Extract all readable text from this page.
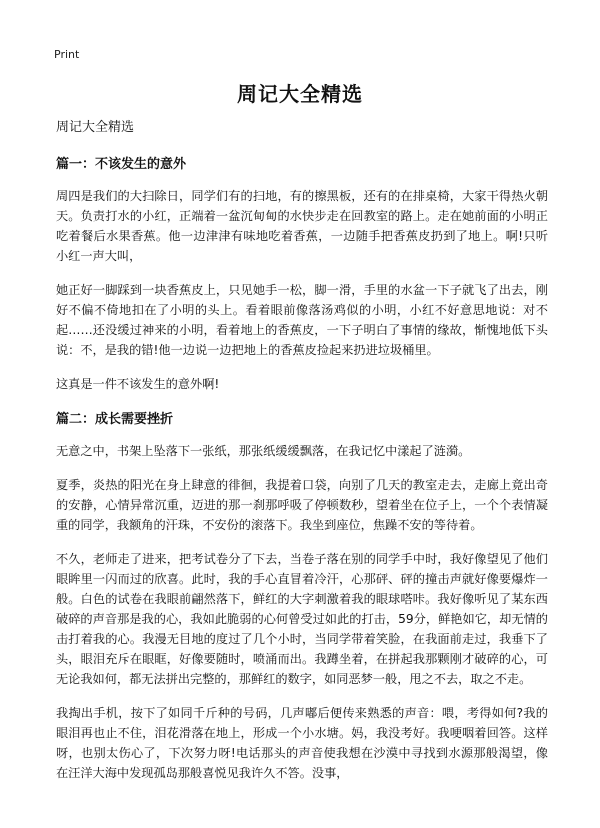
Print
周记大全精选

周记大全精选

篇一：不该发生的意外

周四是我们的大扫除日，同学们有的扫地，有的擦黑板，还有的在排桌椅，大家干得热火朝天。负责打水的小红，正端着一盆沉甸甸的水快步走在回教室的路上。走在她前面的小明正吃着餐后水果香蕉。他一边津津有味地吃着香蕉，一边随手把香蕉皮扔到了地上。啊!只听小红一声大叫，

她正好一脚踩到一块香蕉皮上，只见她手一松，脚一滑，手里的水盆一下子就飞了出去，刚好不偏不倚地扣在了小明的头上。看着眼前像落汤鸡似的小明，小红不好意思地说：对不起……还没缓过神来的小明，看着地上的香蕉皮，一下子明白了事情的缘故，惭愧地低下头说：不，是我的错!他一边说一边把地上的香蕉皮捡起来扔进垃圾桶里。

这真是一件不该发生的意外啊!

篇二：成长需要挫折

无意之中，书架上坠落下一张纸，那张纸缓缓飘落，在我记忆中漾起了涟漪。

夏季，炎热的阳光在身上肆意的徘徊，我提着口袋，向别了几天的教室走去，走廊上竟出奇的安静，心情异常沉重，迈进的那一刹那呼吸了停顿数秒，望着坐在位子上，一个个表情凝重的同学，我额角的汗珠，不安份的滚落下。我坐到座位，焦躁不安的等待着。

不久，老师走了进来，把考试卷分了下去，当卷子落在别的同学手中时，我好像望见了他们眼眸里一闪而过的欣喜。此时，我的手心直冒着冷汗，心那砰、砰的撞击声就好像要爆炸一般。白色的试卷在我眼前翩然落下，鲜红的大字刺激着我的眼球嗒咔。我好像听见了某东西破碎的声音那是我的心，我如此脆弱的心何曾受过如此的打击，59分，鲜艳如它，却无情的击打着我的心。我漫无目地的度过了几个小时，当同学带着笑脸，在我面前走过，我垂下了头，眼泪充斥在眼眶，好像要随时，喷涌而出。我蹲坐着，在拼起我那颗刚才破碎的心，可无论我如何，都无法拼出完整的，那鲜红的数字，如同恶梦一般，甩之不去，取之不走。

我掏出手机，按下了如同千斤种的号码，几声嘟后便传来熟悉的声音：喂，考得如何?我的眼泪再也止不住，泪花滑落在地上，形成一个小水塘。妈，我没考好。我哽咽着回答。这样呀，也别太伤心了，下次努力呀!电话那头的声音使我想在沙漠中寻找到水源那般渴望，像在汪洋大海中发现孤岛那般喜悦见我许久不答。没事，
